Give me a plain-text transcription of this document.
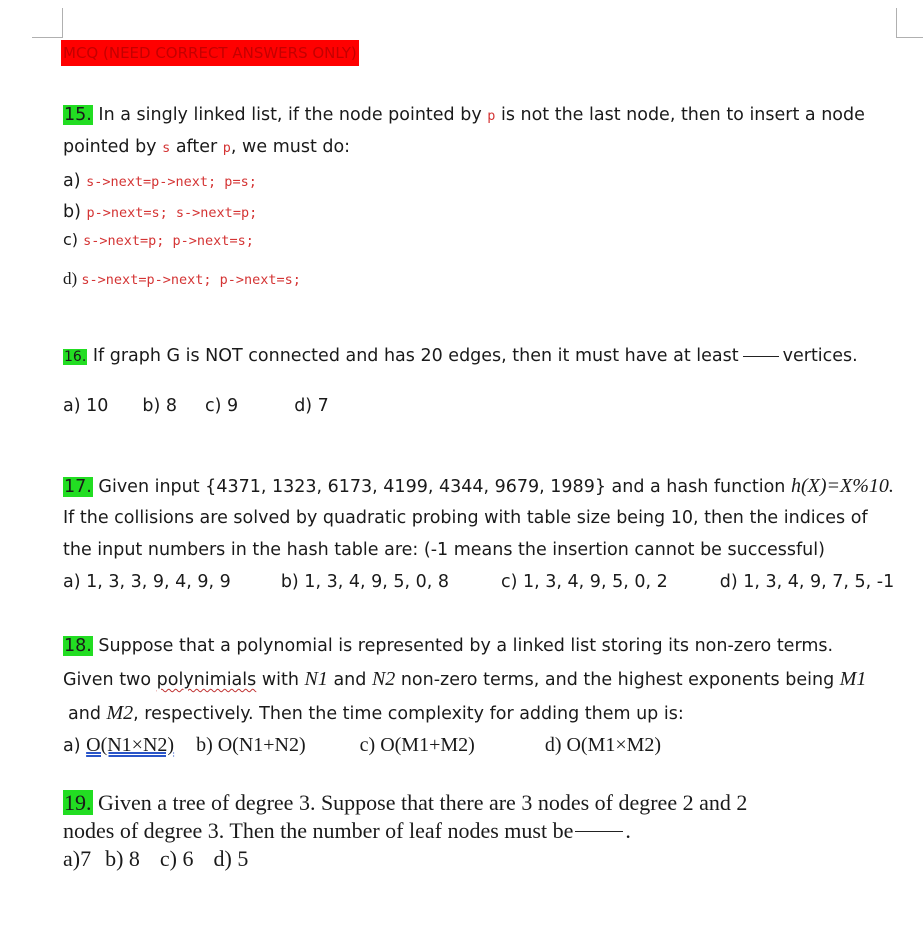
MCQ (NEED CORRECT ANSWERS ONLY)
15. In a singly linked list, if the node pointed by p is not the last node, then to insert a node
pointed by s after p, we must do:
a) s->next=p->next; p=s;
b) p->next=s; s->next=p;
c) s->next=p; p->next=s;
d) s->next=p->next; p->next=s;
16. If graph G is NOT connected and has 20 edges, then it must have at least	vertices.
a) 10 b) 8 c) 9	d) 7
17. Given input {4371, 1323, 6173, 4199, 4344, 9679, 1989} and a hash function h(X)=X%10.
If the collisions are solved by quadratic probing with table size being 10, then the indices of
the input numbers in the hash table are: (-1 means the insertion cannot be successful)
a) 1, 3, 3, 9, 4, 9, 9	b) 1, 3, 4, 9, 5, 0, 8	c) 1, 3, 4, 9, 5, 0, 2	d) 1, 3, 4, 9, 7, 5, -1
18. Suppose that a polynomial is represented by a linked list storing its non-zero terms.
Given two polynimials with N1 and N2 non-zero terms, and the highest exponents being M1
and M2, respectively. Then the time complexity for adding them up is:
a) O(N1×N2) b) O(N1+N2)	c) O(M1+M2)	d) O(M1×M2)
19. Given a tree of degree 3. Suppose that there are 3 nodes of degree 2 and 2
nodes of degree 3. Then the number of leaf nodes must be .
a)7 b) 8 c) 6 d) 5
